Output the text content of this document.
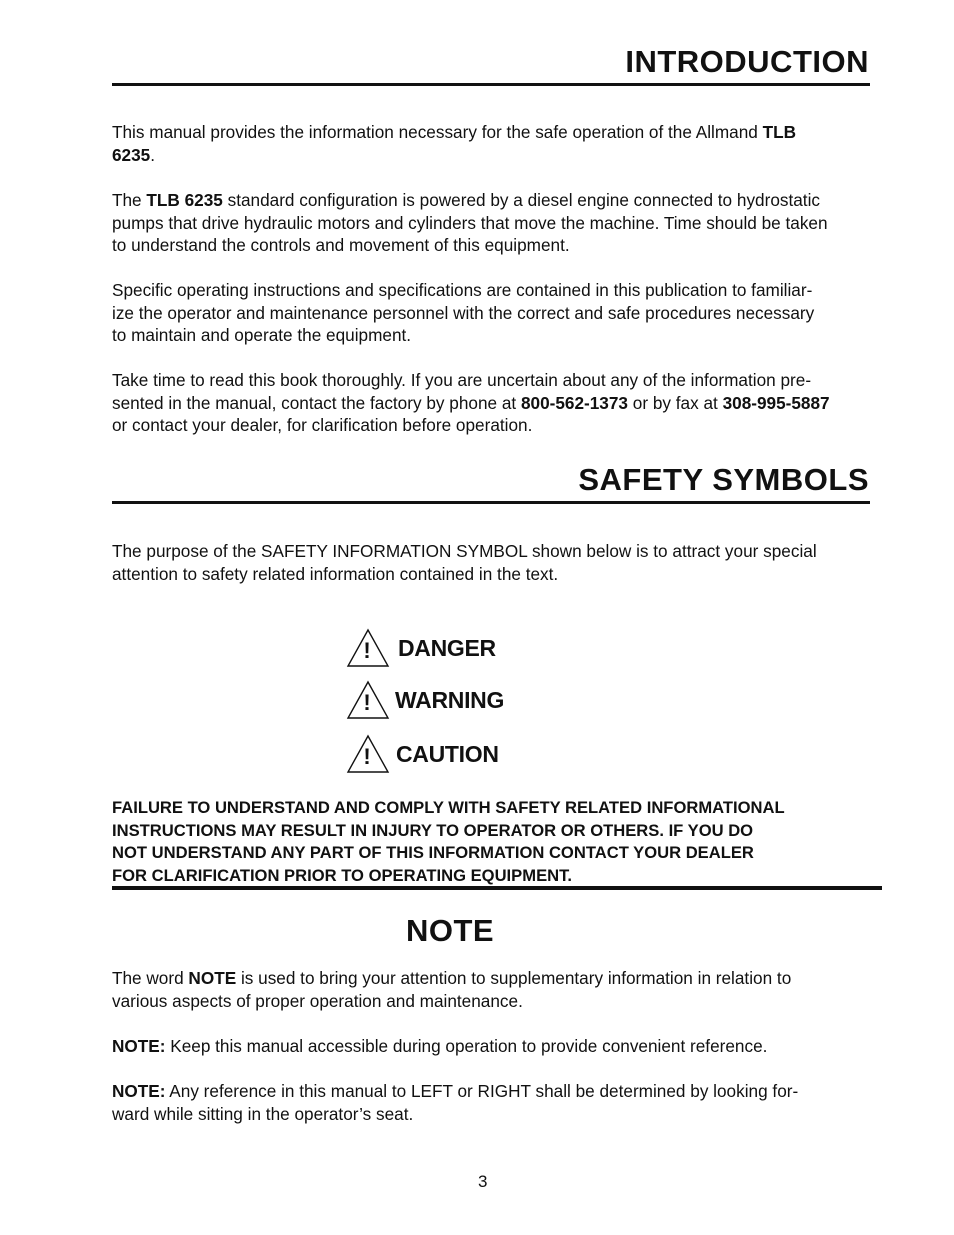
INTRODUCTION

This manual provides the information necessary for the safe operation of the Allmand TLB
6235.

The TLB 6235 standard configuration is powered by a diesel engine connected to hydrostatic
pumps that drive hydraulic motors and cylinders that move the machine. Time should be taken
to understand the controls and movement of this equipment.

Specific operating instructions and specifications are contained in this publication to familiar-
ize the operator and maintenance personnel with the correct and safe procedures necessary
to maintain and operate the equipment.

Take time to read this book thoroughly. If you are uncertain about any of the information pre-
sented in the manual, contact the factory by phone at 800-562-1373 or by fax at 308-995-5887
or contact your dealer, for clarification before operation.

SAFETY SYMBOLS

The purpose of the SAFETY INFORMATION SYMBOL shown below is to attract your special
attention to safety related information contained in the text.

! DANGER
! WARNING
! CAUTION

FAILURE TO UNDERSTAND AND COMPLY WITH SAFETY RELATED INFORMATIONAL
INSTRUCTIONS MAY RESULT IN INJURY TO OPERATOR OR OTHERS. IF YOU DO
NOT UNDERSTAND ANY PART OF THIS INFORMATION CONTACT YOUR DEALER
FOR CLARIFICATION PRIOR TO OPERATING EQUIPMENT.

NOTE

The word NOTE is used to bring your attention to supplementary information in relation to
various aspects of proper operation and maintenance.

NOTE: Keep this manual accessible during operation to provide convenient reference.

NOTE: Any reference in this manual to LEFT or RIGHT shall be determined by looking for-
ward while sitting in the operator’s seat.

3
